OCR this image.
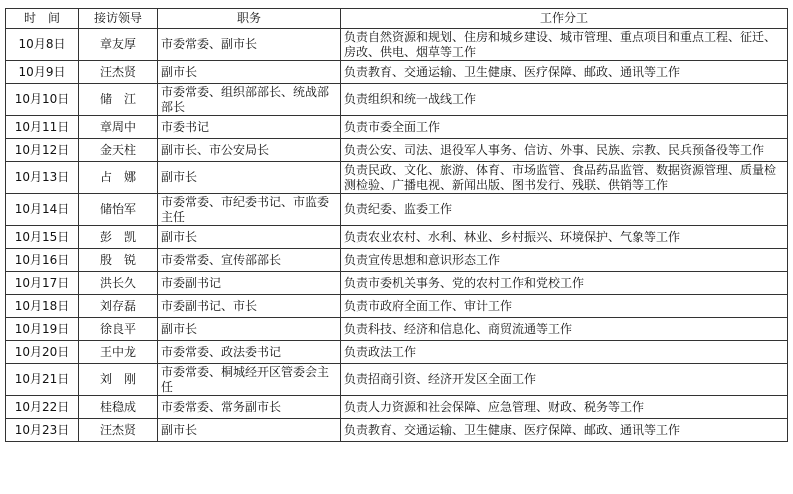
时　间	接访领导	职务	工作分工
10月8日	章友厚	市委常委、副市长	负责自然资源和规划、住房和城乡建设、城市管理、重点项目和重点工程、征迁、房改、供电、烟草等工作
10月9日	汪杰贤	副市长	负责教育、交通运输、卫生健康、医疗保障、邮政、通讯等工作
10月10日	储　江	市委常委、组织部部长、统战部部长	负责组织和统一战线工作
10月11日	章周中	市委书记	负责市委全面工作
10月12日	金天柱	副市长、市公安局长	负责公安、司法、退役军人事务、信访、外事、民族、宗教、民兵预备役等工作
10月13日	占　娜	副市长	负责民政、文化、旅游、体育、市场监管、食品药品监管、数据资源管理、质量检测检验、广播电视、新闻出版、图书发行、残联、供销等工作
10月14日	储怡军	市委常委、市纪委书记、市监委主任	负责纪委、监委工作
10月15日	彭　凯	副市长	负责农业农村、水利、林业、乡村振兴、环境保护、气象等工作
10月16日	殷　锐	市委常委、宣传部部长	负责宣传思想和意识形态工作
10月17日	洪长久	市委副书记	负责市委机关事务、党的农村工作和党校工作
10月18日	刘存磊	市委副书记、市长	负责市政府全面工作、审计工作
10月19日	徐良平	副市长	负责科技、经济和信息化、商贸流通等工作
10月20日	王中龙	市委常委、政法委书记	负责政法工作
10月21日	刘　刚	市委常委、桐城经开区管委会主任	负责招商引资、经济开发区全面工作
10月22日	桂稳成	市委常委、常务副市长	负责人力资源和社会保障、应急管理、财政、税务等工作
10月23日	汪杰贤	副市长	负责教育、交通运输、卫生健康、医疗保障、邮政、通讯等工作
